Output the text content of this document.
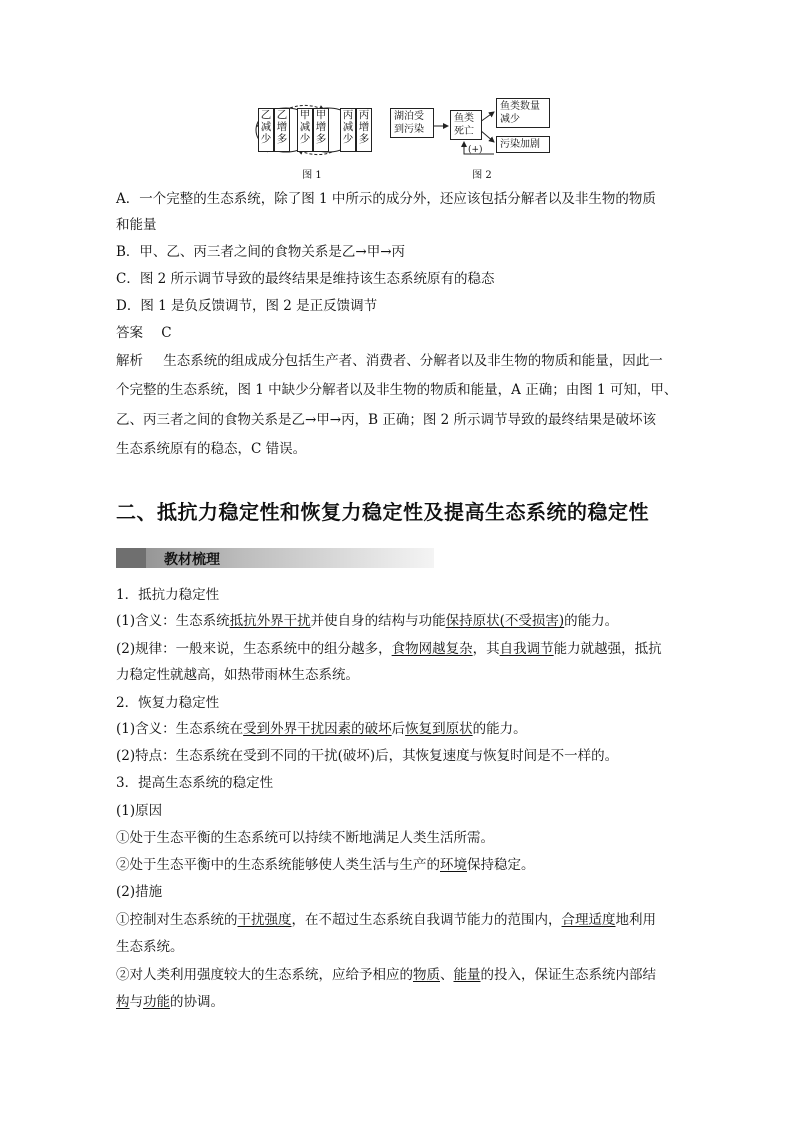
乙
减
少
乙
增
多
甲
减
少
甲
增
多
丙
减
少
丙
增
多
图 1
湖泊受
到污染
鱼类
死亡
鱼类数量
减少
污染加剧
(+)
图 2
A．一个完整的生态系统，除了图 1 中所示的成分外，还应该包括分解者以及非生物的物质
和能量
B．甲、乙、丙三者之间的食物关系是乙→甲→丙
C．图 2 所示调节导致的最终结果是维持该生态系统原有的稳态
D．图 1 是负反馈调节，图 2 是正反馈调节
答案 C
解析 生态系统的组成成分包括生产者、消费者、分解者以及非生物的物质和能量，因此一
个完整的生态系统，图 1 中缺少分解者以及非生物的物质和能量，A 正确；由图 1 可知，甲、
乙、丙三者之间的食物关系是乙→甲→丙，B 正确；图 2 所示调节导致的最终结果是破坏该
生态系统原有的稳态，C 错误。
二、抵抗力稳定性和恢复力稳定性及提高生态系统的稳定性
教材梳理
1．抵抗力稳定性
(1)含义：生态系统抵抗外界干扰并使自身的结构与功能保持原状(不受损害)的能力。
(2)规律：一般来说，生态系统中的组分越多，食物网越复杂，其自我调节能力就越强，抵抗
力稳定性就越高，如热带雨林生态系统。
2．恢复力稳定性
(1)含义：生态系统在受到外界干扰因素的破坏后恢复到原状的能力。
(2)特点：生态系统在受到不同的干扰(破坏)后，其恢复速度与恢复时间是不一样的。
3．提高生态系统的稳定性
(1)原因
①处于生态平衡的生态系统可以持续不断地满足人类生活所需。
②处于生态平衡中的生态系统能够使人类生活与生产的环境保持稳定。
(2)措施
①控制对生态系统的干扰强度，在不超过生态系统自我调节能力的范围内，合理适度地利用
生态系统。
②对人类利用强度较大的生态系统，应给予相应的物质、能量的投入，保证生态系统内部结
构与功能的协调。
